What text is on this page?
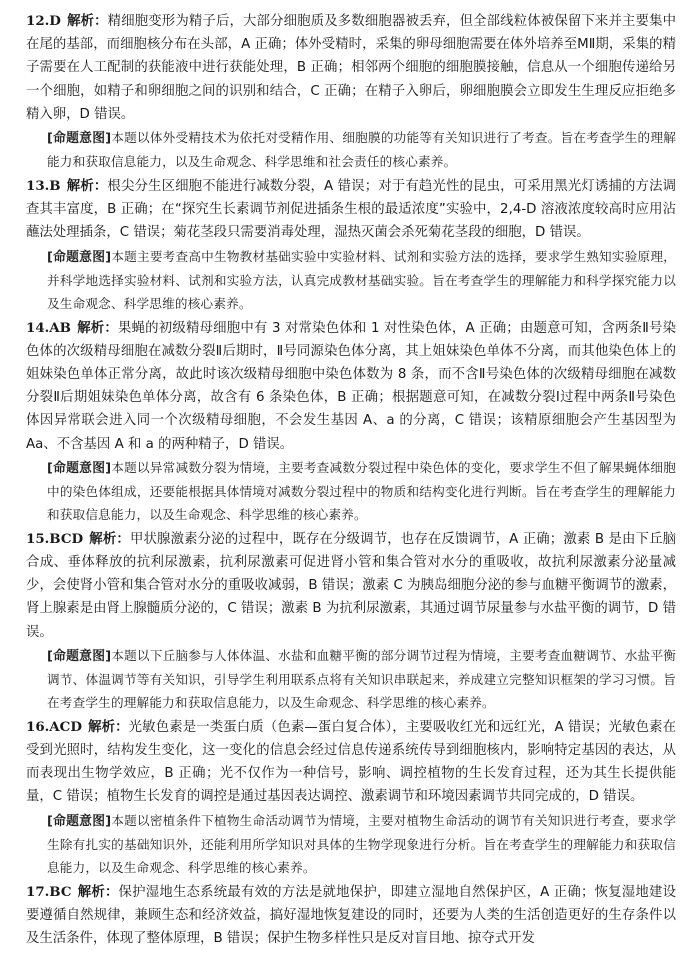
12.D 解析：精细胞变形为精子后，大部分细胞质及多数细胞器被丢弃，但全部线粒体被保留下来并主要集中在尾的基部，而细胞核分布在头部，A 正确；体外受精时，采集的卵母细胞需要在体外培养至MⅡ期，采集的精子需要在人工配制的获能液中进行获能处理，B 正确；相邻两个细胞的细胞膜接触，信息从一个细胞传递给另一个细胞，如精子和卵细胞之间的识别和结合，C 正确；在精子入卵后，卵细胞膜会立即发生生理反应拒绝多精入卵，D 错误。

[命题意图]本题以体外受精技术为依托对受精作用、细胞膜的功能等有关知识进行了考查。旨在考查学生的理解能力和获取信息能力，以及生命观念、科学思维和社会责任的核心素养。

13.B 解析：根尖分生区细胞不能进行减数分裂，A 错误；对于有趋光性的昆虫，可采用黑光灯诱捕的方法调查其丰富度，B 正确；在“探究生长素调节剂促进插条生根的最适浓度”实验中，2,4-D 溶液浓度较高时应用沾蘸法处理插条，C 错误；菊花茎段只需要消毒处理，湿热灭菌会杀死菊花茎段的细胞，D 错误。

[命题意图]本题主要考查高中生物教材基础实验中实验材料、试剂和实验方法的选择，要求学生熟知实验原理，并科学地选择实验材料、试剂和实验方法，认真完成教材基础实验。旨在考查学生的理解能力和科学探究能力以及生命观念、科学思维的核心素养。

14.AB 解析：果蝇的初级精母细胞中有 3 对常染色体和 1 对性染色体，A 正确；由题意可知，含两条Ⅱ号染色体的次级精母细胞在减数分裂Ⅱ后期时，Ⅱ号同源染色体分离，其上姐妹染色单体不分离，而其他染色体上的姐妹染色单体正常分离，故此时该次级精母细胞中染色体数为 8 条，而不含Ⅱ号染色体的次级精母细胞在减数分裂Ⅱ后期姐妹染色单体分离，故含有 6 条染色体，B 正确；根据题意可知，在减数分裂Ⅰ过程中两条Ⅱ号染色体因异常联会进入同一个次级精母细胞，不会发生基因 A、a 的分离，C 错误；该精原细胞会产生基因型为 Aa、不含基因 A 和 a 的两种精子，D 错误。

[命题意图]本题以异常减数分裂为情境，主要考查减数分裂过程中染色体的变化，要求学生不但了解果蝇体细胞中的染色体组成，还要能根据具体情境对减数分裂过程中的物质和结构变化进行判断。旨在考查学生的理解能力和获取信息能力，以及生命观念、科学思维的核心素养。

15.BCD 解析：甲状腺激素分泌的过程中，既存在分级调节，也存在反馈调节，A 正确；激素 B 是由下丘脑合成、垂体释放的抗利尿激素，抗利尿激素可促进肾小管和集合管对水分的重吸收，故抗利尿激素分泌量减少，会使肾小管和集合管对水分的重吸收减弱，B 错误；激素 C 为胰岛细胞分泌的参与血糖平衡调节的激素，肾上腺素是由肾上腺髓质分泌的，C 错误；激素 B 为抗利尿激素，其通过调节尿量参与水盐平衡的调节，D 错误。

[命题意图]本题以下丘脑参与人体体温、水盐和血糖平衡的部分调节过程为情境，主要考查血糖调节、水盐平衡调节、体温调节等有关知识，引导学生利用联系点将有关知识串联起来，养成建立完整知识框架的学习习惯。旨在考查学生的理解能力和获取信息能力，以及生命观念、科学思维的核心素养。

16.ACD 解析：光敏色素是一类蛋白质（色素—蛋白复合体），主要吸收红光和远红光，A 错误；光敏色素在受到光照时，结构发生变化，这一变化的信息会经过信息传递系统传导到细胞核内，影响特定基因的表达，从而表现出生物学效应，B 正确；光不仅作为一种信号，影响、调控植物的生长发育过程，还为其生长提供能量，C 错误；植物生长发育的调控是通过基因表达调控、激素调节和环境因素调节共同完成的，D 错误。

[命题意图]本题以密植条件下植物生命活动调节为情境，主要对植物生命活动的调节有关知识进行考查，要求学生除有扎实的基础知识外，还能利用所学知识对具体的生物学现象进行分析。旨在考查学生的理解能力和获取信息能力，以及生命观念、科学思维的核心素养。

17.BC 解析：保护湿地生态系统最有效的方法是就地保护，即建立湿地自然保护区，A 正确；恢复湿地建设要遵循自然规律，兼顾生态和经济效益，搞好湿地恢复建设的同时，还要为人类的生活创造更好的生存条件以及生活条件，体现了整体原理，B 错误；保护生物多样性只是反对盲目地、掠夺式开发
